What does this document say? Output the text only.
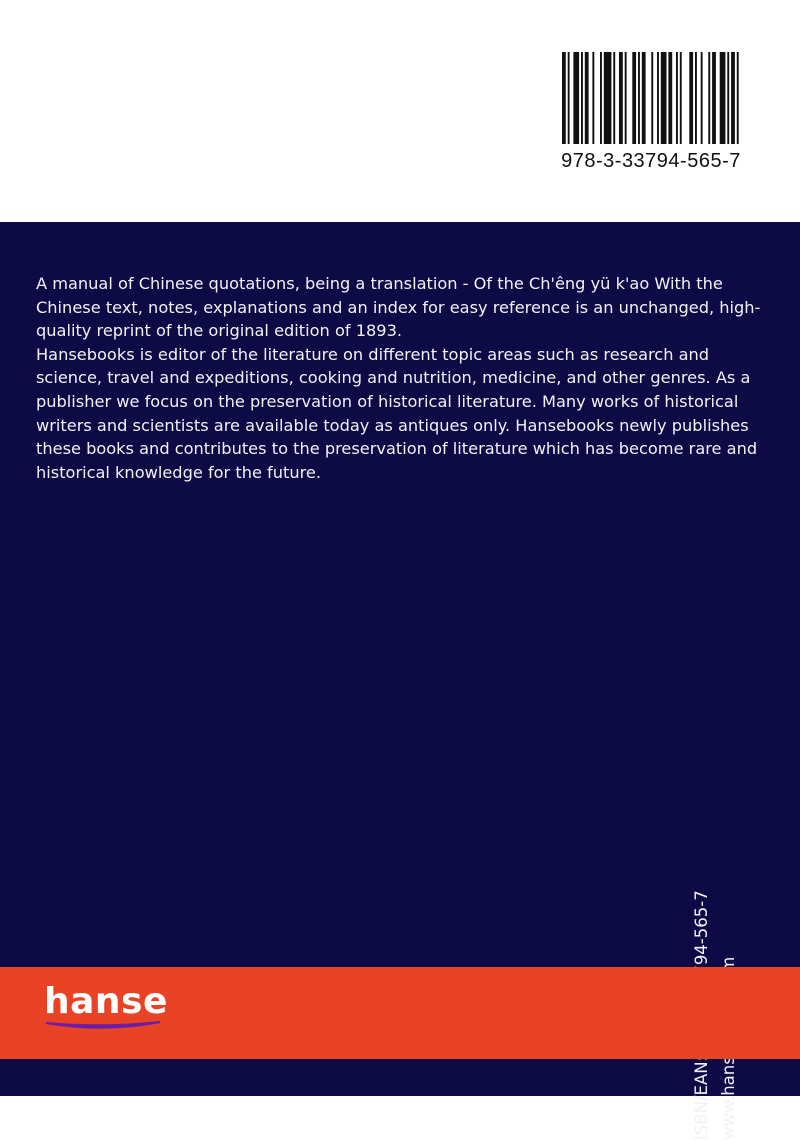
978-3-33794-565-7

A manual of Chinese quotations, being a translation - Of the Ch'êng yü k'ao With the Chinese text, notes, explanations and an index for easy reference is an unchanged, high-quality reprint of the original edition of 1893.

Hansebooks is editor of the literature on different topic areas such as research and science, travel and expeditions, cooking and nutrition, medicine, and other genres. As a publisher we focus on the preservation of historical literature. Many works of historical writers and scientists are available today as antiques only. Hansebooks newly publishes these books and contributes to the preservation of literature which has become rare and historical knowledge for the future.

hanse
